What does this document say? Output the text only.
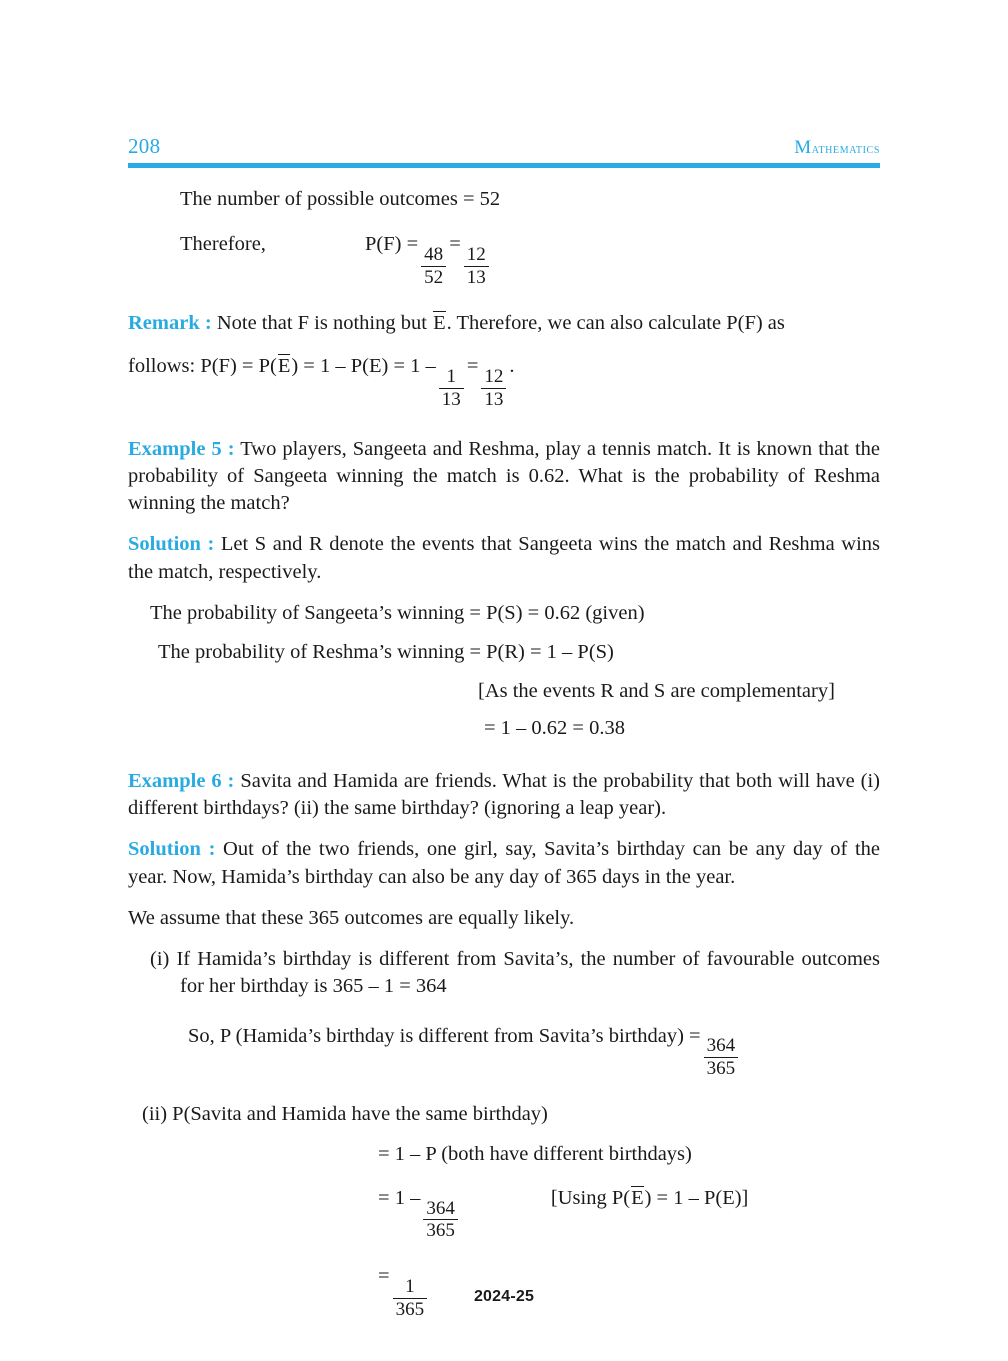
208	Mathematics
The number of possible outcomes = 52
Therefore,	P(F) =
$\frac{48}{52}$
=
$\frac{12}{13}$
Remark : Note that F is nothing but E. Therefore, we can also calculate P(F) as
follows: P(F) = P(E) = 1 – P(E) = 1 –
$\frac{1}{13}$
=
$\frac{12}{13}$
.
Example 5 : Two players, Sangeeta and Reshma, play a tennis match. It is known that the probability of Sangeeta winning the match is 0.62. What is the probability of Reshma winning the match?
Solution : Let S and R denote the events that Sangeeta wins the match and Reshma wins the match, respectively.
The probability of Sangeeta’s winning = P(S) = 0.62 (given)
The probability of Reshma’s winning = P(R) = 1 – P(S)
[As the events R and S are complementary]
= 1 – 0.62 = 0.38
Example 6 : Savita and Hamida are friends. What is the probability that both will have (i) different birthdays? (ii) the same birthday? (ignoring a leap year).
Solution : Out of the two friends, one girl, say, Savita’s birthday can be any day of the year. Now, Hamida’s birthday can also be any day of 365 days in the year.
We assume that these 365 outcomes are equally likely.
(i) If Hamida’s birthday is different from Savita’s, the number of favourable outcomes for her birthday is 365 – 1 = 364
So, P (Hamida’s birthday is different from Savita’s birthday) =
$\frac{364}{365}$
(ii) P(Savita and Hamida have the same birthday)
= 1 – P (both have different birthdays)
= 1 –
$\frac{364}{365}$
[Using P(E) = 1 – P(E)]
=
$\frac{1}{365}$	2024-25
